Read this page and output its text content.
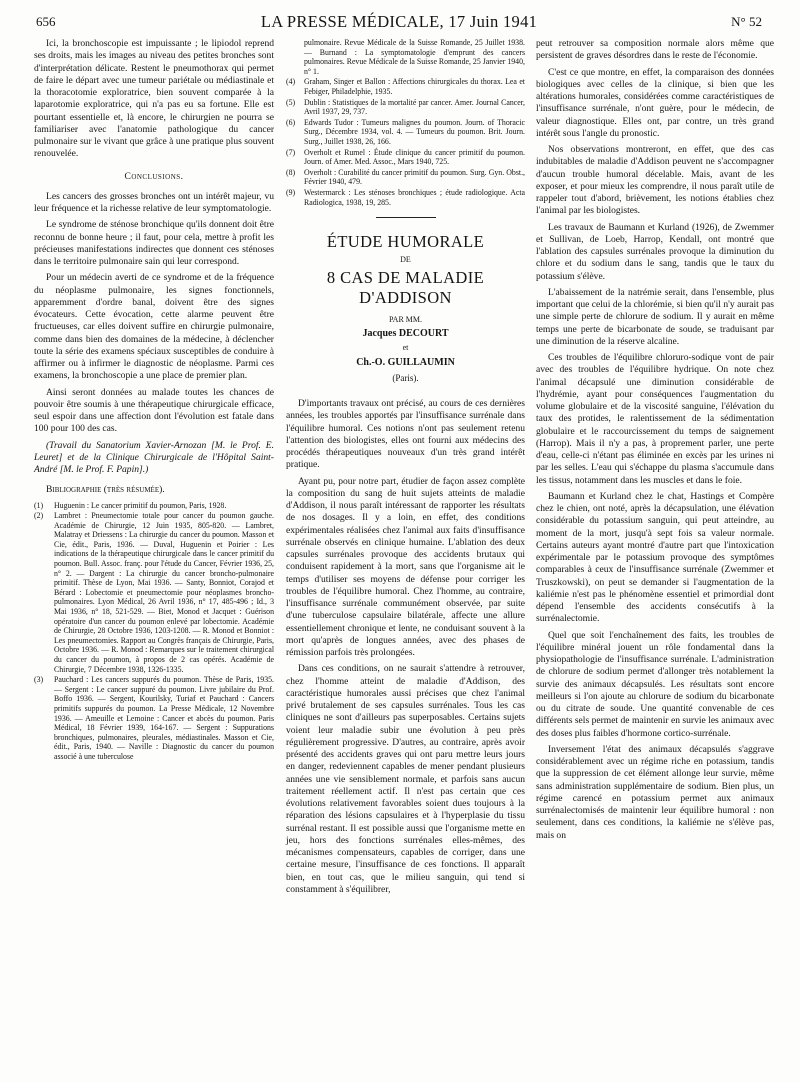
656	LA PRESSE MÉDICALE, 17 Juin 1941	N° 52

Ici, la bronchoscopie est impuissante ; le lipiodol reprend ses droits, mais les images au niveau des petites bronches sont d'interprétation délicate. Restent le pneumothorax qui permet de faire le départ avec une tumeur pariétale ou médiastinale et la thoracotomie exploratrice, bien souvent comparée à la laparotomie exploratrice, qui n'a pas eu sa fortune. Elle est pourtant essentielle et, là encore, le chirurgien ne pourra se familiariser avec l'anatomie pathologique du cancer pulmonaire sur le vivant que grâce à une pratique plus souvent renouvelée.

Conclusions.

Les cancers des grosses bronches ont un intérêt majeur, vu leur fréquence et la richesse relative de leur symptomatologie.

Le syndrome de sténose bronchique qu'ils donnent doit être reconnu de bonne heure ; il faut, pour cela, mettre à profit les précieuses manifestations indirectes que donnent ces sténoses dans le territoire pulmonaire sain qui leur correspond.

Pour un médecin averti de ce syndrome et de la fréquence du néoplasme pulmonaire, les signes fonctionnels, apparemment d'ordre banal, doivent être des signes évocateurs. Cette évocation, cette alarme peuvent être fructueuses, car elles doivent suffire en chirurgie pulmonaire, comme dans bien des domaines de la médecine, à déclencher toute la série des examens spéciaux susceptibles de conduire à affirmer ou à infirmer le diagnostic de néoplasme. Parmi ces examens, la bronchoscopie a une place de premier plan.

Ainsi seront données au malade toutes les chances de pouvoir être soumis à une thérapeutique chirurgicale efficace, seul espoir dans une affection dont l'évolution est fatale dans 100 pour 100 des cas.

(Travail du Sanatorium Xavier-Arnozan [M. le Prof. E. Leuret] et de la Clinique Chirurgicale de l'Hôpital Saint-André [M. le Prof. F. Papin].)

Bibliographie (très résumée).
(1)	Huguenin : Le cancer primitif du poumon, Paris, 1928.
(2)	Lambret : Pneumectomie totale pour cancer du poumon gauche. Académie de Chirurgie, 12 Juin 1935, 805-820. — Lambret, Malatray et Driessens : La chirurgie du cancer du poumon. Masson et Cie, édit., Paris, 1936. — Duval, Huguenin et Poirier : Les indications de la thérapeutique chirurgicale dans le cancer primitif du poumon. Bull. Assoc. franç. pour l'étude du Cancer, Février 1936, 25, n° 2. — Dargent : La chirurgie du cancer broncho-pulmonaire primitif. Thèse de Lyon, Mai 1936. — Santy, Bonniot, Corajod et Bérard : Lobectomie et pneumectomie pour néoplasmes broncho-pulmonaires. Lyon Médical, 26 Avril 1936, n° 17, 485-496 ; Id., 3 Mai 1936, n° 18, 521-529. — Biet, Monod et Jacquet : Guérison opératoire d'un cancer du poumon enlevé par lobectomie. Académie de Chirurgie, 28 Octobre 1936, 1203-1208. — R. Monod et Bonniot : Les pneumectomies. Rapport au Congrès français de Chirurgie, Paris, Octobre 1936. — R. Monod : Remarques sur le traitement chirurgical du cancer du poumon, à propos de 2 cas opérés. Académie de Chirurgie, 7 Décembre 1938, 1326-1335.
(3)	Pauchard : Les cancers suppurés du poumon. Thèse de Paris, 1935. — Sergent : Le cancer suppuré du poumon. Livre jubilaire du Prof. Boffo 1936. — Sergent, Kourilsky, Turiaf et Pauchard : Cancers primitifs suppurés du poumon. La Presse Médicale, 12 Novembre 1936. — Ameuille et Lemoine : Cancer et abcès du poumon. Paris Médical, 18 Février 1939, 164-167. — Sergent : Suppurations bronchiques, pulmonaires, pleurales, médiastinales. Masson et Cie, édit., Paris, 1940. — Naville : Diagnostic du cancer du poumon associé à une tuberculose
pulmonaire. Revue Médicale de la Suisse Romande, 25 Juillet 1938. — Burnand : La symptomatologie d'emprunt des cancers pulmonaires. Revue Médicale de la Suisse Romande, 25 Janvier 1940, n° 1.
(4)	Graham, Singer et Ballon : Affections chirurgicales du thorax. Lea et Febiger, Philadelphie, 1935.
(5)	Dublin : Statistiques de la mortalité par cancer. Amer. Journal Cancer, Avril 1937, 29, 737.
(6)	Edwards Tudor : Tumeurs malignes du poumon. Journ. of Thoracic Surg., Décembre 1934, vol. 4. — Tumeurs du poumon. Brit. Journ. Surg., Juillet 1938, 26, 166.
(7)	Overholt et Rumel : Étude clinique du cancer primitif du poumon. Journ. of Amer. Med. Assoc., Mars 1940, 725.
(8)	Overholt : Curabilité du cancer primitif du poumon. Surg. Gyn. Obst., Février 1940, 479.
(9)	Westermarck : Les sténoses bronchiques ; étude radiologique. Acta Radiologica, 1938, 19, 285.
ÉTUDE HUMORALE
DE
8 CAS DE MALADIE D'ADDISON
PAR MM.
Jacques DECOURT
et
Ch.-O. GUILLAUMIN
(Paris).

D'importants travaux ont précisé, au cours de ces dernières années, les troubles apportés par l'insuffisance surrénale dans l'équilibre humoral. Ces notions n'ont pas seulement retenu l'attention des biologistes, elles ont fourni aux médecins des procédés thérapeutiques nouveaux d'un très grand intérêt pratique.

Ayant pu, pour notre part, étudier de façon assez complète la composition du sang de huit sujets atteints de maladie d'Addison, il nous paraît intéressant de rapporter les résultats de nos dosages. Il y a loin, en effet, des conditions expérimentales réalisées chez l'animal aux faits d'insuffisance surrénale observés en clinique humaine. L'ablation des deux capsules surrénales provoque des accidents brutaux qui conduisent rapidement à la mort, sans que l'organisme ait le temps d'utiliser ses moyens de défense pour corriger les troubles de l'équilibre humoral. Chez l'homme, au contraire, l'insuffisance surrénale communément observée, par suite d'une tuberculose capsulaire bilatérale, affecte une allure essentiellement chronique et lente, ne conduisant souvent à la mort qu'après de longues années, avec des phases de rémission parfois très prolongées.

Dans ces conditions, on ne saurait s'attendre à retrouver, chez l'homme atteint de maladie d'Addison, des caractéristique humorales aussi précises que chez l'animal privé brutalement de ses capsules surrénales. Tous les cas cliniques ne sont d'ailleurs pas superposables. Certains sujets voient leur maladie subir une évolution à peu près régulièrement progressive. D'autres, au contraire, après avoir présenté des accidents graves qui ont paru mettre leurs jours en danger, redeviennent capables de mener pendant plusieurs années une vie sensiblement normale, et parfois sans aucun traitement réellement actif. Il n'est pas certain que ces évolutions relativement favorables soient dues toujours à la réparation des lésions capsulaires et à l'hyperplasie du tissu surrénal restant. Il est possible aussi que l'organisme mette en jeu, hors des fonctions surrénales elles-mêmes, des mécanismes compensateurs, capables de corriger, dans une certaine mesure, l'insuffisance de ces fonctions. Il apparaît bien, en tout cas, que le milieu sanguin, qui tend si constamment à s'équilibrer,

peut retrouver sa composition normale alors même que persistent de graves désordres dans le reste de l'économie.

C'est ce que montre, en effet, la comparaison des données biologiques avec celles de la clinique, si bien que les altérations humorales, considérées comme caractéristiques de l'insuffisance surrénale, n'ont guère, pour le médecin, de valeur diagnostique. Elles ont, par contre, un très grand intérêt sous l'angle du pronostic.

Nos observations montreront, en effet, que des cas indubitables de maladie d'Addison peuvent ne s'accompagner d'aucun trouble humoral décelable. Mais, avant de les exposer, et pour mieux les comprendre, il nous paraît utile de rappeler tout d'abord, brièvement, les notions établies chez l'animal par les biologistes.

Les travaux de Baumann et Kurland (1926), de Zwemmer et Sullivan, de Loeb, Harrop, Kendall, ont montré que l'ablation des capsules surrénales provoque la diminution du chlore et du sodium dans le sang, tandis que le taux du potassium s'élève.

L'abaissement de la natrémie serait, dans l'ensemble, plus important que celui de la chlorémie, si bien qu'il n'y aurait pas une simple perte de chlorure de sodium. Il y aurait en même temps une perte de bicarbonate de soude, se traduisant par une diminution de la réserve alcaline.

Ces troubles de l'équilibre chloruro-sodique vont de pair avec des troubles de l'équilibre hydrique. On note chez l'animal décapsulé une diminution considérable de l'hydrémie, ayant pour conséquences l'augmentation du volume globulaire et de la viscosité sanguine, l'élévation du taux des protides, le ralentissement de la sédimentation globulaire et le raccourcissement du temps de saignement (Harrop). Mais il n'y a pas, à proprement parler, une perte d'eau, celle-ci n'étant pas éliminée en excès par les urines ni par les selles. L'eau qui s'échappe du plasma s'accumule dans les tissus, notamment dans les muscles et dans le foie.

Baumann et Kurland chez le chat, Hastings et Compère chez le chien, ont noté, après la décapsulation, une élévation considérable du potassium sanguin, qui peut atteindre, au moment de la mort, jusqu'à sept fois sa valeur normale. Certains auteurs ayant montré d'autre part que l'intoxication expérimentale par le potassium provoque des symptômes comparables à ceux de l'insuffisance surrénale (Zwemmer et Truszkowski), on peut se demander si l'augmentation de la kaliémie n'est pas le phénomène essentiel et primordial dont dépend l'ensemble des accidents consécutifs à la surrénalectomie.

Quel que soit l'enchaînement des faits, les troubles de l'équilibre minéral jouent un rôle fondamental dans la physiopathologie de l'insuffisance surrénale. L'administration de chlorure de sodium permet d'allonger très notablement la survie des animaux décapsulés. Les résultats sont encore meilleurs si l'on ajoute au chlorure de sodium du bicarbonate ou du citrate de soude. Une quantité convenable de ces différents sels permet de maintenir en survie les animaux avec des doses plus faibles d'hormone cortico-surrénale.

Inversement l'état des animaux décapsulés s'aggrave considérablement avec un régime riche en potassium, tandis que la suppression de cet élément allonge leur survie, même sans administration supplémentaire de sodium. Bien plus, un régime carencé en potassium permet aux animaux surrénalectomisés de maintenir leur équilibre humoral : non seulement, dans ces conditions, la kaliémie ne s'élève pas, mais on
